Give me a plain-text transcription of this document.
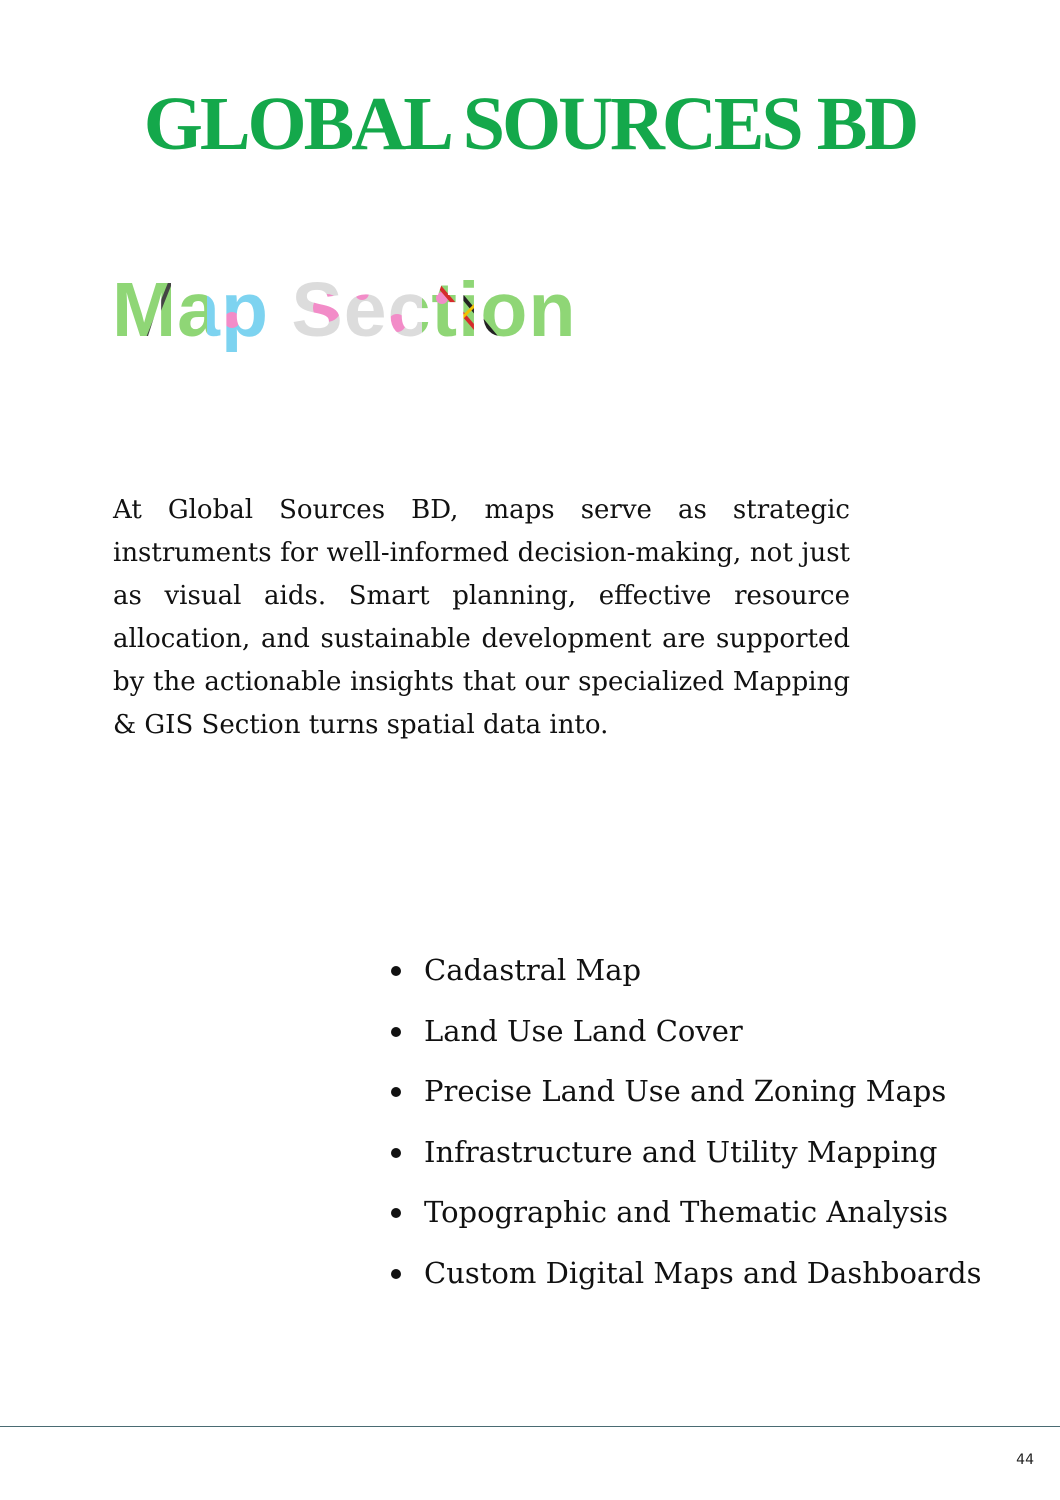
GLOBAL SOURCES BD
Map Section

At Global Sources BD, maps serve as strategic instruments for well-informed decision-making, not just as visual aids. Smart planning, effective resource allocation, and sustainable development are supported by the actionable insights that our specialized Mapping & GIS Section turns spatial data into.

Cadastral Map
Land Use Land Cover
Precise Land Use and Zoning Maps
Infrastructure and Utility Mapping
Topographic and Thematic Analysis
Custom Digital Maps and Dashboards
44
